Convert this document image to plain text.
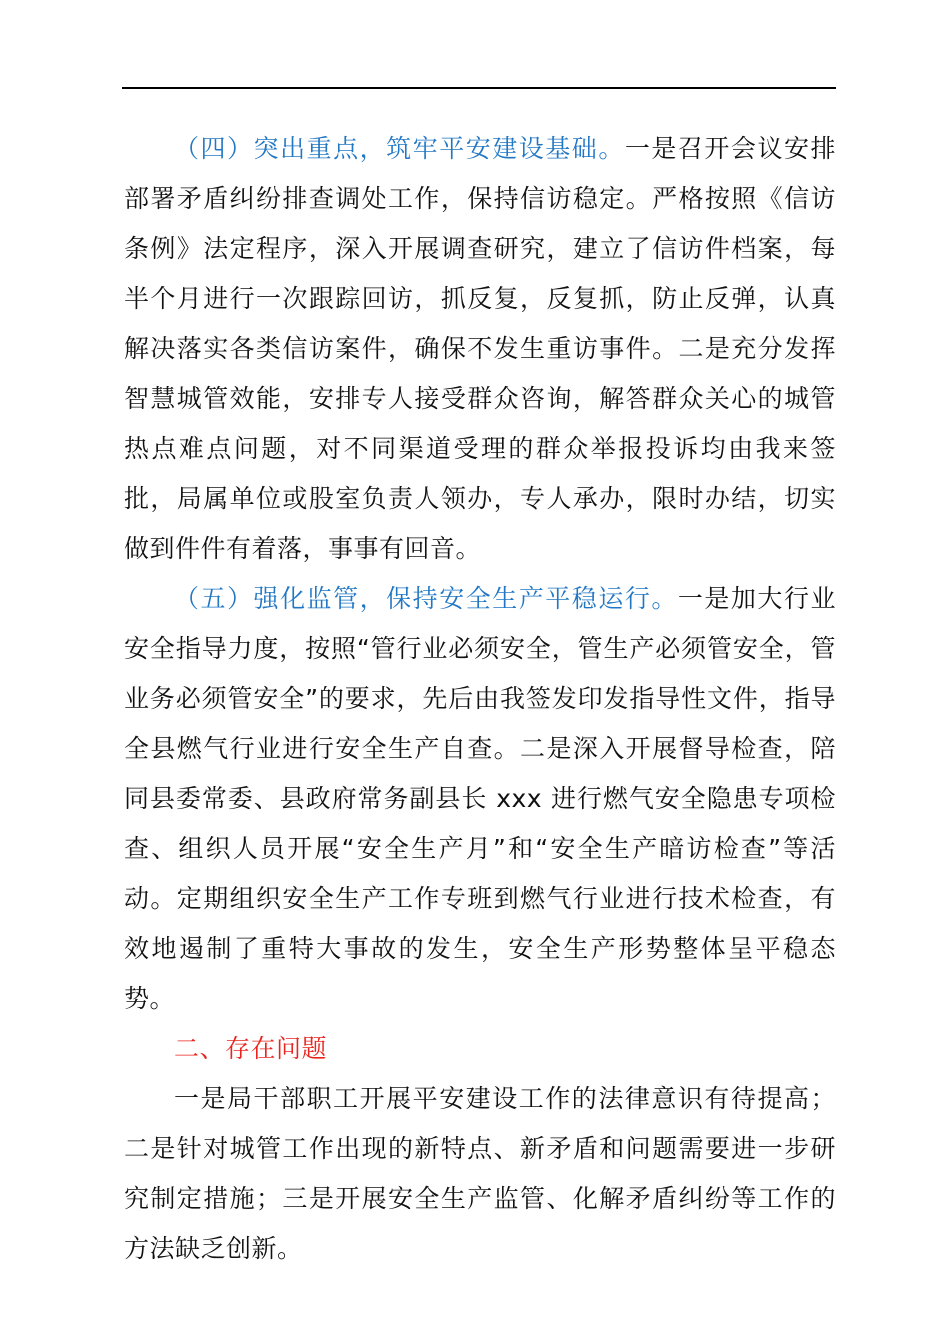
（四）突出重点，筑牢平安建设基础。一是召开会议安排部署矛盾纠纷排查调处工作，保持信访稳定。严格按照《信访条例》法定程序，深入开展调查研究，建立了信访件档案，每半个月进行一次跟踪回访，抓反复，反复抓，防止反弹，认真解决落实各类信访案件，确保不发生重访事件。二是充分发挥智慧城管效能，安排专人接受群众咨询，解答群众关心的城管热点难点问题，对不同渠道受理的群众举报投诉均由我来签批，局属单位或股室负责人领办，专人承办，限时办结，切实做到件件有着落，事事有回音。

（五）强化监管，保持安全生产平稳运行。一是加大行业安全指导力度，按照“管行业必须安全，管生产必须管安全，管业务必须管安全”的要求，先后由我签发印发指导性文件，指导全县燃气行业进行安全生产自查。二是深入开展督导检查，陪同县委常委、县政府常务副县长 xxx 进行燃气安全隐患专项检查、组织人员开展“安全生产月”和“安全生产暗访检查”等活动。定期组织安全生产工作专班到燃气行业进行技术检查，有效地遏制了重特大事故的发生，安全生产形势整体呈平稳态势。

二、存在问题

一是局干部职工开展平安建设工作的法律意识有待提高；二是针对城管工作出现的新特点、新矛盾和问题需要进一步研究制定措施；三是开展安全生产监管、化解矛盾纠纷等工作的方法缺乏创新。
